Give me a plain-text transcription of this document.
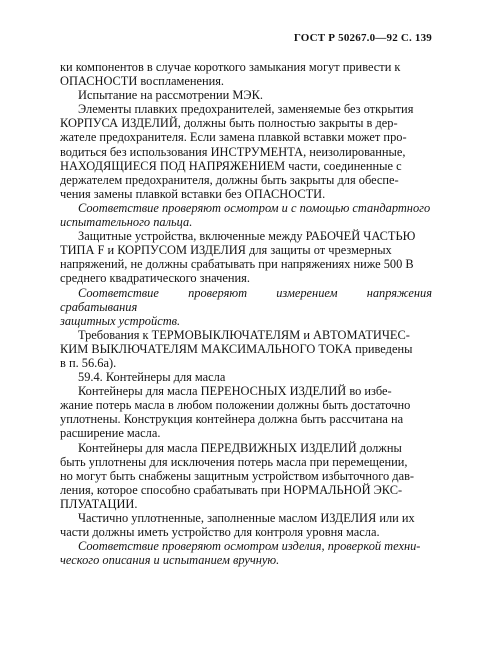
ГОСТ Р 50267.0—92 С. 139

ки компонентов в случае короткого замыкания могут привести к

ОПАСНОСТИ воспламенения.

Испытание на рассмотрении МЭК.

Элементы плавких предохранителей, заменяемые без открытия

КОРПУСА ИЗДЕЛИЙ, должны быть полностью закрыты в дер-

жателе предохранителя. Если замена плавкой вставки может про-

водиться без использования ИНСТРУМЕНТА, неизолированные,

НАХОДЯЩИЕСЯ ПОД НАПРЯЖЕНИЕМ части, соединенные с

держателем предохранителя, должны быть закрыты для обеспе-

чения замены плавкой вставки без ОПАСНОСТИ.

Соответствие проверяют осмотром и с помощью стандартного

испытательного пальца.

Защитные устройства, включенные между РАБОЧЕЙ ЧАСТЬЮ

ТИПА F и КОРПУСОМ ИЗДЕЛИЯ для защиты от чрезмерных

напряжений, не должны срабатывать при напряжениях ниже 500 В

среднего квадратического значения.

Соответствие проверяют измерением напряжения срабатывания

защитных устройств.

Требования к ТЕРМОВЫКЛЮЧАТЕЛЯМ и АВТОМАТИЧЕС-

КИМ ВЫКЛЮЧАТЕЛЯМ МАКСИМАЛЬНОГО ТОКА приведены

в п. 56.6а).

59.4. Контейнеры для масла

Контейнеры для масла ПЕРЕНОСНЫХ ИЗДЕЛИЙ во избе-

жание потерь масла в любом положении должны быть достаточно

уплотнены. Конструкция контейнера должна быть рассчитана на

расширение масла.

Контейнеры для масла ПЕРЕДВИЖНЫХ ИЗДЕЛИЙ должны

быть уплотнены для исключения потерь масла при перемещении,

но могут быть снабжены защитным устройством избыточного дав-

ления, которое способно срабатывать при НОРМАЛЬНОЙ ЭКС-

ПЛУАТАЦИИ.

Частично уплотненные, заполненные маслом ИЗДЕЛИЯ или их

части должны иметь устройство для контроля уровня масла.

Соответствие проверяют осмотром изделия, проверкой техни-

ческого описания и испытанием вручную.
